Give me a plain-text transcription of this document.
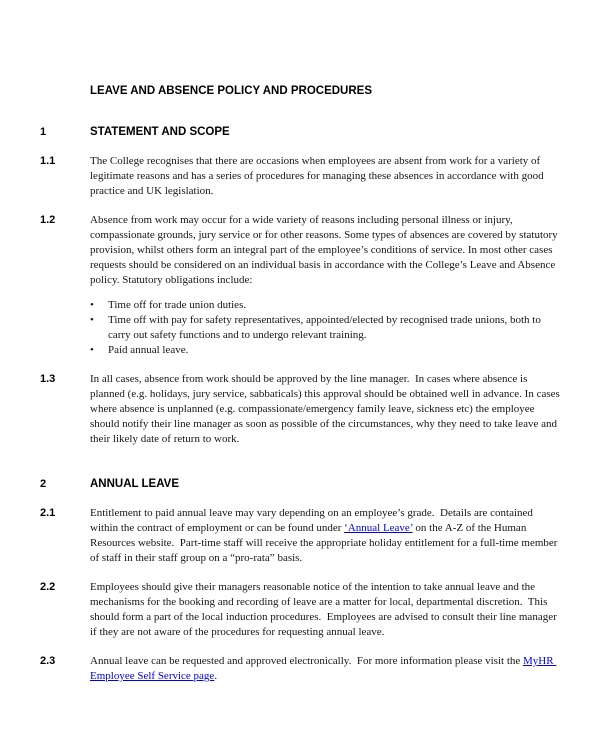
LEAVE AND ABSENCE POLICY AND PROCEDURES
1	STATEMENT AND SCOPE
1.1	The College recognises that there are occasions when employees are absent from work for a variety of legitimate reasons and has a series of procedures for managing these absences in accordance with good practice and UK legislation.

1.2	Absence from work may occur for a wide variety of reasons including personal illness or injury, compassionate grounds, jury service or for other reasons. Some types of absences are covered by statutory provision, whilst others form an integral part of the employee’s conditions of service. In most other cases requests should be considered on an individual basis in accordance with the College’s Leave and Absence policy. Statutory obligations include:

•	Time off for trade union duties.
•	Time off with pay for safety representatives, appointed/elected by recognised trade unions, both to carry out safety functions and to undergo relevant training.
•	Paid annual leave.
1.3	In all cases, absence from work should be approved by the line manager.  In cases where absence is planned (e.g. holidays, jury service, sabbaticals) this approval should be obtained well in advance. In cases where absence is unplanned (e.g. compassionate/emergency family leave, sickness etc) the employee should notify their line manager as soon as possible of the circumstances, why they need to take leave and their likely date of return to work.

2	ANNUAL LEAVE
2.1	Entitlement to paid annual leave may vary depending on an employee’s grade.  Details are contained within the contract of employment or can be found under ‘Annual Leave’ on the A-Z of the Human Resources website.  Part-time staff will receive the appropriate holiday entitlement for a full-time member of staff in their staff group on a “pro-rata” basis.

2.2	Employees should give their managers reasonable notice of the intention to take annual leave and the mechanisms for the booking and recording of leave are a matter for local, departmental discretion.  This should form a part of the local induction procedures.  Employees are advised to consult their line manager if they are not aware of the procedures for requesting annual leave.

2.3	Annual leave can be requested and approved electronically.  For more information please visit the MyHR Employee Self Service page.
